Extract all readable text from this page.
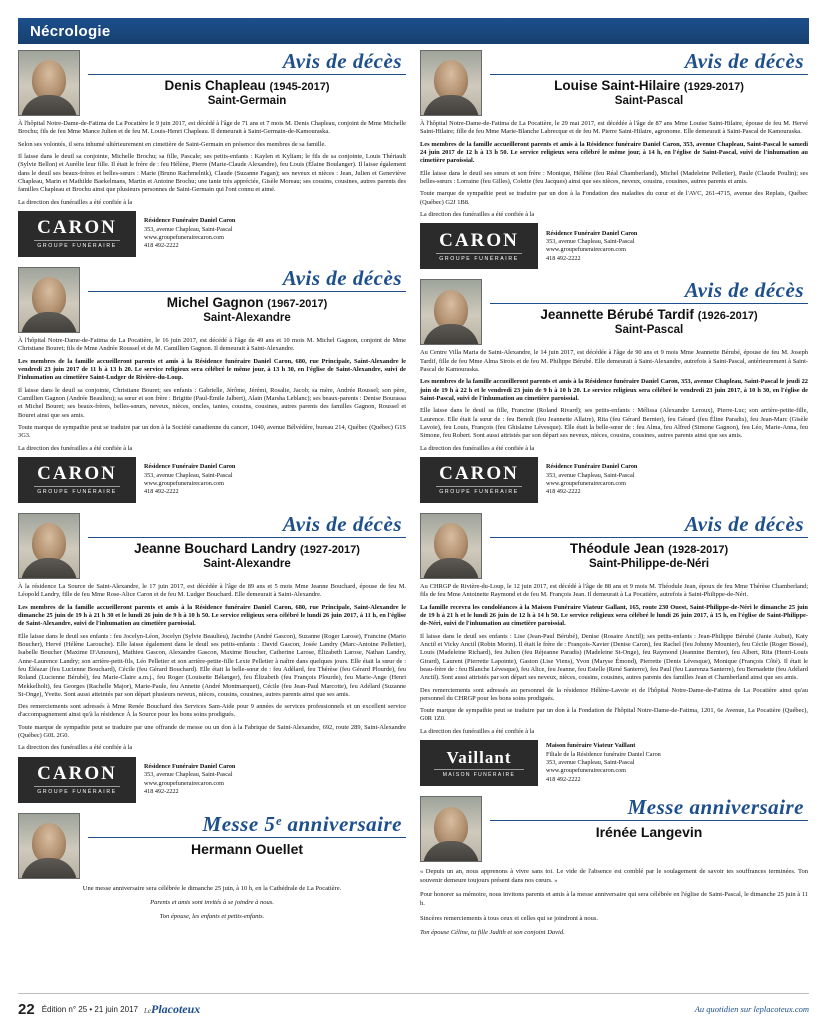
Nécrologie
Avis de décès
Denis Chapleau (1945-2017)
Saint-Germain

À l'hôpital Notre-Dame-de-Fatima de La Pocatière le 9 juin 2017, est décédé à l'âge de 71 ans et 7 mois M. Denis Chapleau, conjoint de Mme Michelle Brochu; fils de feu Mme Mance Julien et de feu M. Louis-Henri Chapleau. Il demeurait à Saint-Germain-de-Kamouraska.

Selon ses volontés, il sera inhumé ultérieurement en cimetière de Saint-Germain en présence des membres de sa famille.

Il laisse dans le deuil sa conjointe, Michelle Brochu; sa fille, Pascale; ses petits-enfants : Kaylen et Kyliam; le fils de sa conjointe, Louis Thériault (Sylvie Bellon) et Aurélie leur fille. Il était le frère de : feu Hélène, Pierre (Marie-Claude Alexandre), feu Louis (Élaine Boulanger). Il laisse également dans le deuil ses beaux-frères et belles-sœurs : Marie (Bruno Rachmelnik), Claude (Suzanne Fagan); ses neveux et nièces : Jean, Julien et Geneviève Chapleau, Marin et Mathilde Baekelmans, Martin et Antoine Brochu; une tante très appréciée, Gisèle Moreau; ses cousins, cousines, autres parents des familles Chapleau et Brochu ainsi que plusieurs personnes de Saint-Germain qui l'ont connu et aimé.

La direction des funérailles a été confiée à la

CARON
GROUPE FUNÉRAIRE
Résidence Funéraire Daniel Caron
353, avenue Chapleau, Saint-Pascal
www.groupefunerairecaron.com
418 492-2222
Avis de décès
Michel Gagnon (1967-2017)
Saint-Alexandre

À l'hôpital Notre-Dame-de-Fatima de La Pocatière, le 16 juin 2017, est décédé à l'âge de 49 ans et 10 mois M. Michel Gagnon, conjoint de Mme Christiane Bouret; fils de Mme Andrée Roussel et de M. Camillien Gagnon. Il demeurait à Saint-Alexandre.

Les membres de la famille accueilleront parents et amis à la Résidence funéraire Daniel Caron, 680, rue Principale, Saint-Alexandre le vendredi 23 juin 2017 de 11 h à 13 h 20. Le service religieux sera célébré le même jour, à 13 h 30, en l'église de Saint-Alexandre, suivi de l'inhumation au cimetière Saint-Ludger de Rivière-du-Loup.

Il laisse dans le deuil sa conjointe, Christiane Bouret; ses enfants : Gabrielle, Jérôme, Jérémi, Rosalie, Jacob; sa mère, Andrée Roussel; son père, Camillien Gagnon (Andrée Beaulieu); sa sœur et son frère : Brigitte (Paul-Émile Jalbert), Alain (Marsha Leblanc); ses beaux-parents : Denise Bourassa et Michel Bouret; ses beaux-frères, belles-sœurs, neveux, nièces, oncles, tantes, cousins, cousines, autres parents des familles Gagnon, Roussel et Bouret ainsi que ses amis.

Toute marque de sympathie peut se traduire par un don à la Société canadienne du cancer, 1040, avenue Bélvédère, bureau 214, Québec (Québec) G1S 3G3.

La direction des funérailles a été confiée à la

CARON
GROUPE FUNÉRAIRE
Résidence Funéraire Daniel Caron
353, avenue Chapleau, Saint-Pascal
www.groupefunerairecaron.com
418 492-2222
Avis de décès
Jeanne Bouchard Landry (1927-2017)
Saint-Alexandre

À la résidence La Source de Saint-Alexandre, le 17 juin 2017, est décédée à l'âge de 89 ans et 5 mois Mme Jeanne Bouchard, épouse de feu M. Léopold Landry, fille de feu Mme Rose-Alice Caron et de feu M. Ludger Bouchard. Elle demeurait à Saint-Alexandre.

Les membres de la famille accueilleront parents et amis à la Résidence funéraire Daniel Caron, 680, rue Principale, Saint-Alexandre le dimanche 25 juin de 19 h à 21 h 30 et le lundi 26 juin de 9 h à 10 h 50. Le service religieux sera célébré le lundi 26 juin 2017, à 11 h, en l'église de Saint-Alexandre, suivi de l'inhumation au cimetière paroissial.

Elle laisse dans le deuil ses enfants : feu Jocelyn-Léon, Jocelyn (Sylvie Beaulieu), Jacinthe (André Gascon), Suzanne (Roger Larose), Francine (Mario Boucher), Hervé (Hélène Larouche). Elle laisse également dans le deuil ses petits-enfants : David Gascon, Josée Landry (Marc-Antoine Pelletier), Isabelle Boucher (Maxime D'Amours), Mathieu Gascon, Alexandre Gascon, Maxime Boucher, Catherine Larose, Élizabeth Larose, Nathan Landry, Anne-Laurence Landry; son arrière-petit-fils, Léo Pelletier et son arrière-petite-fille Lexie Pelletier à naître dans quelques jours. Elle était la sœur de : feu Éléazar (feu Lucienne Bouchard), Cécile (feu Gérard Bouchard). Elle était la belle-sœur de : feu Adélard, feu Thérèse (feu Gérard Plourde), feu Roland (Lucienne Bérubé), feu Marie-Claire a.m.j., feu Roger (Louisette Bélanger), feu Élizabeth (feu François Plourde), feu Marie-Ange (Henri Mekkelholt), feu Georges (Rachelle Major), Marie-Paule, feu Annette (André Montmarquet), Cécile (feu Jean-Paul Marcotte), feu Adélard (Suzanne St-Onge), Yvette. Sont aussi atteintés par son départ plusieurs neveux, nièces, cousins, cousines, autres parents ainsi que ses amis.

Des remerciements sont adressés à Mme Renée Bouchard des Services Sam-Aide pour 9 années de services professionnels et un excellent service d'accompagnement ainsi qu'à la résidence À la Source pour les bons soins prodigués.

Toute marque de sympathie peut se traduire par une offrande de messe ou un don à la Fabrique de Saint-Alexandre, 692, route 289, Saint-Alexandre (Québec) G0L 2G0.

La direction des funérailles a été confiée à la

CARON
GROUPE FUNÉRAIRE
Résidence Funéraire Daniel Caron
353, avenue Chapleau, Saint-Pascal
www.groupefunerairecaron.com
418 492-2222
Messe 5ᵉ anniversaire
Hermann Ouellet

Une messe anniversaire sera célébrée le dimanche 25 juin, à 10 h, en la Cathédrale de La Pocatière.

Parents et amis sont invités à se joindre à nous.

Ton épouse, les enfants et petits-enfants.

Avis de décès
Louise Saint-Hilaire (1929-2017)
Saint-Pascal

À l'hôpital Notre-Dame-de-Fatima de La Pocatière, le 29 mai 2017, est décédée à l'âge de 87 ans Mme Louise Saint-Hilaire, épouse de feu M. Hervé Saint-Hilaire; fille de feu Mme Marie-Blanche Labrecque et de feu M. Pierre Saint-Hilaire, agronome. Elle demeurait à Saint-Pascal de Kamouraska.

Les membres de la famille accueilleront parents et amis à la Résidence funéraire Daniel Caron, 353, avenue Chapleau, Saint-Pascal le samedi 24 juin 2017 de 12 h à 13 h 50. Le service religieux sera célébré le même jour, à 14 h, en l'église de Saint-Pascal, suivi de l'inhumation au cimetière paroissial.

Elle laisse dans le deuil ses sœurs et son frère : Monique, Hélène (feu Réal Chamberland), Michel (Madeleine Pelletier), Paule (Claude Poulin); ses belles-sœurs : Lorraine (feu Gilles), Colette (feu Jacques) ainsi que ses nièces, neveux, cousins, cousines, autres parents et amis.

Toute marque de sympathie peut se traduire par un don à la Fondation des maladies du cœur et de l'AVC, 261-4715, avenue des Replats, Québec (Québec) G2J 1B8.

La direction des funérailles a été confiée à la

CARON
GROUPE FUNÉRAIRE
Résidence Funéraire Daniel Caron
353, avenue Chapleau, Saint-Pascal
www.groupefunerairecaron.com
418 492-2222
Avis de décès
Jeannette Bérubé Tardif (1926-2017)
Saint-Pascal

Au Centre Villa Maria de Saint-Alexandre, le 14 juin 2017, est décédée à l'âge de 90 ans et 9 mois Mme Jeannette Bérubé, épouse de feu M. Joseph Tardif, fille de feu Mme Alma Sirois et de feu M. Philippe Bérubé. Elle demeurait à Saint-Alexandre, autrefois à Saint-Pascal, antérieurement à Saint-Pascal de Kamouraska.

Les membres de la famille accueilleront parents et amis à la Résidence funéraire Daniel Caron, 353, avenue Chapleau, Saint-Pascal le jeudi 22 juin de 19 h à 22 h et le vendredi 23 juin de 9 h à 10 h 20. Le service religieux sera célébré le vendredi 23 juin 2017, à 10 h 30, en l'église de Saint-Pascal, suivi de l'inhumation au cimetière paroissial.

Elle laisse dans le deuil sa fille, Francine (Roland Rivard); ses petits-enfants : Mélissa (Alexandre Leroux), Pierre-Luc; son arrière-petite-fille, Laurence. Elle était la sœur de : feu Benoît (feu Jeannette Allaire), Rita (feu Gérard Bernier), feu Gérard (feu Éline Paradis), feu Jean-Marc (Gisèle Lavoie), feu Louis, François (feu Ghislaine Lévesque). Elle était la belle-sœur de : feu Alma, feu Alfred (Simone Gagnon), feu Léo, Marie-Anna, feu Simone, feu Robert. Sont aussi attristés par son départ ses neveux, nièces, cousins, cousines, autres parents ainsi que ses amis.

La direction des funérailles a été confiée à la

CARON
GROUPE FUNÉRAIRE
Résidence Funéraire Daniel Caron
353, avenue Chapleau, Saint-Pascal
www.groupefunerairecaron.com
418 492-2222
Avis de décès
Théodule Jean (1928-2017)
Saint-Philippe-de-Néri

Au CHRGP de Rivière-du-Loup, le 12 juin 2017, est décédé à l'âge de 88 ans et 9 mois M. Théodule Jean, époux de feu Mme Thérèse Chamberland; fils de feu Mme Antoinette Raymond et de feu M. François Jean. Il demeurait à La Pocatière, autrefois à Saint-Philippe-de-Néri.

La famille recevra les condoléances à la Maison Funéraire Viateur Gallant, 165, route 230 Ouest, Saint-Philippe-de-Néri le dimanche 25 juin de 19 h à 21 h et le lundi 26 juin de 12 h à 14 h 50. Le service religieux sera célébré le lundi 26 juin 2017, à 15 h, en l'église de Saint-Philippe-de-Néri, suivi de l'inhumation au cimetière paroissial.

Il laisse dans le deuil ses enfants : Lise (Jean-Paul Bérubé), Denise (Rosaire Anctil); ses petits-enfants : Jean-Philippe Bérubé (Janie Aubut), Katy Anctil et Vicky Anctil (Robin Morin). Il était le frère de : François-Xavier (Denise Caron), feu Rachel (feu Johnny Mounier), feu Cécile (Roger Bossé), Louis (Madeleine Richard), feu Julien (feu Réjeanne Paradis) (Madeleine St-Onge), feu Raymond (Jeannine Bernier), feu Albert, Rita (Henri-Louis Girard), Laurent (Pierrette Lapointe), Gaston (Lise Viens), Yvon (Maryse Émond), Pierrette (Denis Lévesque), Monique (François Côté). Il était le beau-frère de : feu Blanche Lévesque), feu Alice, feu Jeanne, feu Estelle (René Santerre), feu Paul (feu Laurenza Santerre), feu Bernadette (feu Adélard Anctil). Sont aussi attristés par son départ ses neveux, nièces, cousins, cousines, autres parents des familles Jean et Chamberland ainsi que ses amis.

Des remerciements sont adressés au personnel de la résidence Hélène-Lavoie et de l'hôpital Notre-Dame-de-Fatima de La Pocatière ainsi qu'au personnel du CHRGP pour les bons soins prodigués.

Toute marque de sympathie peut se traduire par un don à la Fondation de l'hôpital Notre-Dame-de-Fatima, 1201, 6e Avenue, La Pocatière (Québec), G0R 1Z0.

La direction des funérailles a été confiée à la

Vaillant
MAISON FUNÉRAIRE
Maison funéraire Viateur Vaillant
Filiale de la Résidence funéraire Daniel Caron
353, avenue Chapleau, Saint-Pascal
www.groupefunerairecaron.com
418 492-2222
Messe anniversaire
Irénée Langevin

« Depuis un an, nous apprenons à vivre sans toi. Le vide de l'absence est comblé par le soulagement de savoir tes souffrances terminées. Ton souvenir demeure toujours présent dans nos cœurs. »

Pour honorer sa mémoire, nous invitons parents et amis à la messe anniversaire qui sera célébrée en l'église de Saint-Pascal, le dimanche 25 juin à 11 h.

Sincères remerciements à tous ceux et celles qui se joindront à nous.

Ton épouse Céline, ta fille Judith et son conjoint David.

22 Édition n° 25 • 21 juin 2017 LePlacoteux	Au quotidien sur leplacoteux.com
